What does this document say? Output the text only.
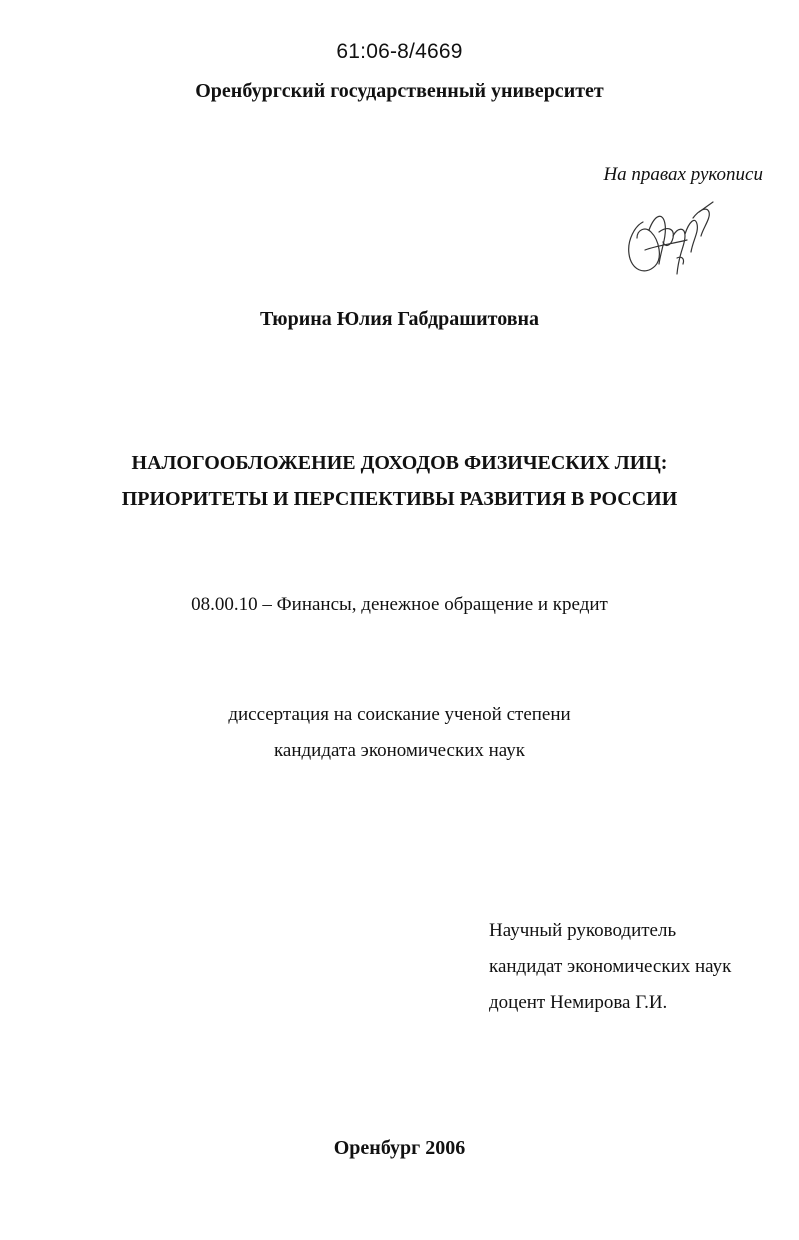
61:06-8/4669
Оренбургский государственный университет
На правах рукописи
Тюрина Юлия Габдрашитовна
НАЛОГООБЛОЖЕНИЕ ДОХОДОВ ФИЗИЧЕСКИХ ЛИЦ:
ПРИОРИТЕТЫ И ПЕРСПЕКТИВЫ РАЗВИТИЯ В РОССИИ
08.00.10 – Финансы, денежное обращение и кредит
диссертация на соискание ученой степени
кандидата экономических наук
Научный руководитель
кандидат экономических наук
доцент Немирова Г.И.
Оренбург 2006
